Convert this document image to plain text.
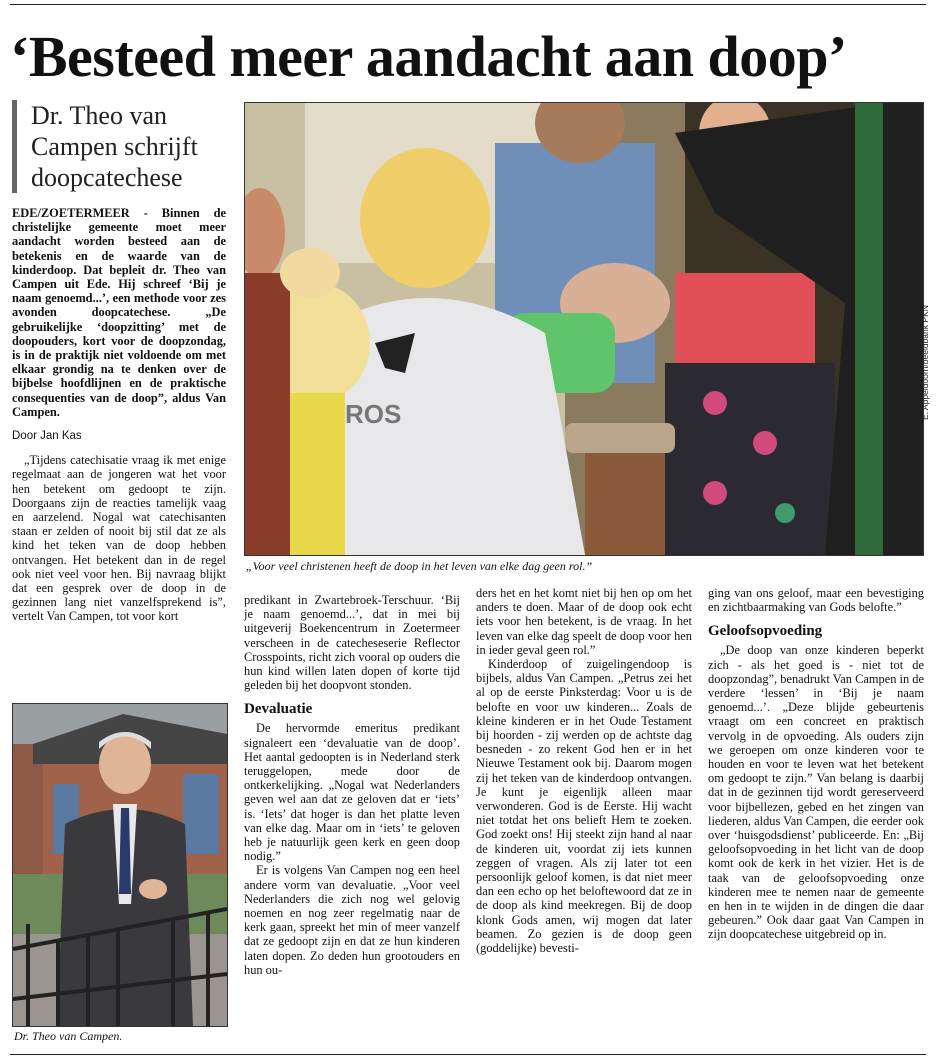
‘Besteed meer aandacht aan doop’
Dr. Theo van Campen schrijft doopcatechese

EDE/ZOETERMEER - Binnen de christelijke gemeente moet meer aandacht worden besteed aan de betekenis en de waarde van de kinderdoop. Dat bepleit dr. Theo van Campen uit Ede. Hij schreef ‘Bij je naam genoemd...’, een methode voor zes avonden doopcatechese. „De gebruikelijke ‘doopzitting’ met de doopouders, kort voor de doopzondag, is in de praktijk niet voldoende om met elkaar grondig na te denken over de bijbelse hoofdlijnen en de praktische consequenties van de doop”, aldus Van Campen.

Door Jan Kas

„Tijdens catechisatie vraag ik met enige regelmaat aan de jongeren wat het voor hen betekent om gedoopt te zijn. Doorgaans zijn de reacties tamelijk vaag en aarzelend. Nogal wat catechisanten staan er zelden of nooit bij stil dat ze als kind het teken van de doop hebben ontvangen. Het betekent dan in de regel ook niet veel voor hen. Bij navraag blijkt dat een gesprek over de doop in de gezinnen lang niet vanzelfsprekend is”, vertelt Van Campen, tot voor kort

ROS	E. Appeldoorn/beeldbank PKN
„Voor veel christenen heeft de doop in het leven van elke dag geen rol.”

predikant in Zwartebroek-Terschuur. ‘Bij je naam genoemd...’, dat in mei bij uitgeverij Boekencentrum in Zoetermeer verscheen in de catecheseserie Reflector Crosspoints, richt zich vooral op ouders die hun kind willen laten dopen of korte tijd geleden bij het doopvont stonden.

Devaluatie

De hervormde emeritus predikant signaleert een ‘devaluatie van de doop’. Het aantal gedoopten is in Nederland sterk teruggelopen, mede door de ontkerkelijking. „Nogal wat Nederlanders geven wel aan dat ze geloven dat er ‘iets’ is. ‘Iets’ dat hoger is dan het platte leven van elke dag. Maar om in ‘iets’ te geloven heb je natuurlijk geen kerk en geen doop nodig.”

Er is volgens Van Campen nog een heel andere vorm van devaluatie. „Voor veel Nederlanders die zich nog wel gelovig noemen en nog zeer regelmatig naar de kerk gaan, spreekt het min of meer vanzelf dat ze gedoopt zijn en dat ze hun kinderen laten dopen. Zo deden hun grootouders en hun ou-

ders het en het komt niet bij hen op om het anders te doen. Maar of de doop ook echt iets voor hen betekent, is de vraag. In het leven van elke dag speelt de doop voor hen in ieder geval geen rol.”

Kinderdoop of zuigelingendoop is bijbels, aldus Van Campen. „Petrus zei het al op de eerste Pinksterdag: Voor u is de belofte en voor uw kinderen... Zoals de kleine kinderen er in het Oude Testament bij hoorden - zij werden op de achtste dag besneden - zo rekent God hen er in het Nieuwe Testament ook bij. Daarom mogen zij het teken van de kinderdoop ontvangen. Je kunt je eigenlijk alleen maar verwonderen. God is de Eerste. Hij wacht niet totdat het ons belieft Hem te zoeken. God zoekt ons! Hij steekt zijn hand al naar de kinderen uit, voordat zij iets kunnen zeggen of vragen. Als zij later tot een persoonlijk geloof komen, is dat niet meer dan een echo op het beloftewoord dat ze in de doop als kind meekregen. Bij de doop klonk Gods amen, wij mogen dat later beamen. Zo gezien is de doop geen (goddelijke) bevesti-

ging van ons geloof, maar een bevestiging en zichtbaarmaking van Gods belofte.”

Geloofsopvoeding

„De doop van onze kinderen beperkt zich - als het goed is - niet tot de doopzondag”, benadrukt Van Campen in de verdere ‘lessen’ in ‘Bij je naam genoemd...’. „Deze blijde gebeurtenis vraagt om een concreet en praktisch vervolg in de opvoeding. Als ouders zijn we geroepen om onze kinderen voor te houden en voor te leven wat het betekent om gedoopt te zijn.” Van belang is daarbij dat in de gezinnen tijd wordt gereserveerd voor bijbellezen, gebed en het zingen van liederen, aldus Van Campen, die eerder ook over ‘huisgodsdienst’ publiceerde. En: „Bij geloofsopvoeding in het licht van de doop komt ook de kerk in het vizier. Het is de taak van de geloofsopvoeding onze kinderen mee te nemen naar de gemeente en hen in te wijden in de dingen die daar gebeuren.” Ook daar gaat Van Campen in zijn doopcatechese uitgebreid op in.

Dr. Theo van Campen.
